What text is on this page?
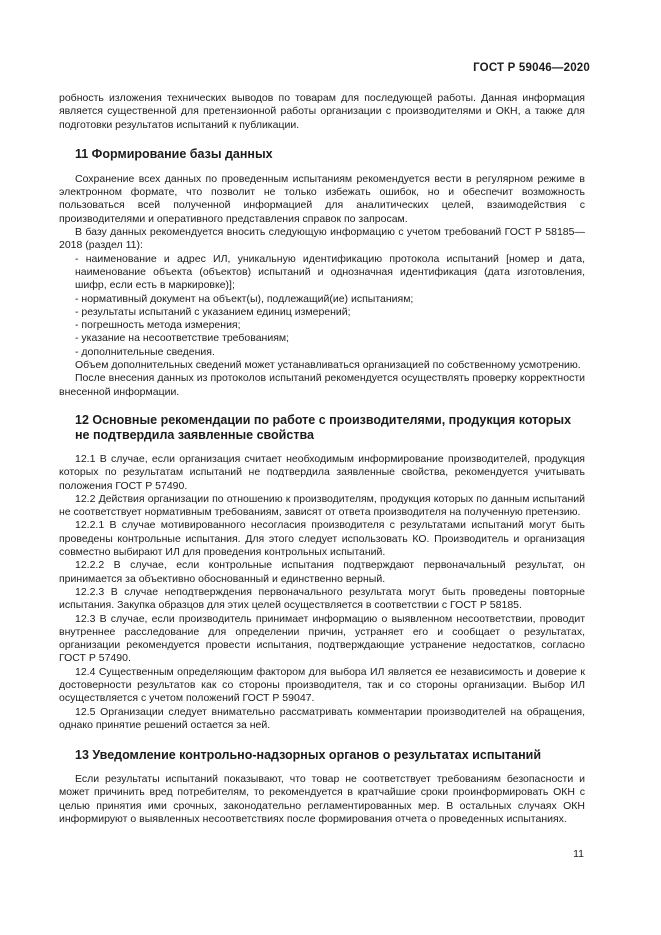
ГОСТ Р 59046—2020

робность изложения технических выводов по товарам для последующей работы. Данная информация является существенной для претензионной работы организации с производителями и ОКН, а также для подготовки результатов испытаний к публикации.

11 Формирование базы данных

Сохранение всех данных по проведенным испытаниям рекомендуется вести в регулярном режиме в электронном формате, что позволит не только избежать ошибок, но и обеспечит возможность пользоваться всей полученной информацией для аналитических целей, взаимодействия с производителями и оперативного представления справок по запросам.

В базу данных рекомендуется вносить следующую информацию с учетом требований ГОСТ Р 58185—2018 (раздел 11):

- наименование и адрес ИЛ, уникальную идентификацию протокола испытаний [номер и дата, наименование объекта (объектов) испытаний и однозначная идентификация (дата изготовления, шифр, если есть в маркировке)];

- нормативный документ на объект(ы), подлежащий(ие) испытаниям;

- результаты испытаний с указанием единиц измерений;

- погрешность метода измерения;

- указание на несоответствие требованиям;

- дополнительные сведения.

Объем дополнительных сведений может устанавливаться организацией по собственному усмотрению.

После внесения данных из протоколов испытаний рекомендуется осуществлять проверку корректности внесенной информации.

12 Основные рекомендации по работе с производителями, продукция которых не подтвердила заявленные свойства

12.1 В случае, если организация считает необходимым информирование производителей, продукция которых по результатам испытаний не подтвердила заявленные свойства, рекомендуется учитывать положения ГОСТ Р 57490.

12.2 Действия организации по отношению к производителям, продукция которых по данным испытаний не соответствует нормативным требованиям, зависят от ответа производителя на полученную претензию.

12.2.1 В случае мотивированного несогласия производителя с результатами испытаний могут быть проведены контрольные испытания. Для этого следует использовать КО. Производитель и организация совместно выбирают ИЛ для проведения контрольных испытаний.

12.2.2 В случае, если контрольные испытания подтверждают первоначальный результат, он принимается за объективно обоснованный и единственно верный.

12.2.3 В случае неподтверждения первоначального результата могут быть проведены повторные испытания. Закупка образцов для этих целей осуществляется в соответствии с ГОСТ Р 58185.

12.3 В случае, если производитель принимает информацию о выявленном несоответствии, проводит внутреннее расследование для определении причин, устраняет его и сообщает о результатах, организации рекомендуется провести испытания, подтверждающие устранение недостатков, согласно ГОСТ Р 57490.

12.4 Существенным определяющим фактором для выбора ИЛ является ее независимость и доверие к достоверности результатов как со стороны производителя, так и со стороны организации. Выбор ИЛ осуществляется с учетом положений ГОСТ Р 59047.

12.5 Организации следует внимательно рассматривать комментарии производителей на обращения, однако принятие решений остается за ней.

13 Уведомление контрольно-надзорных органов о результатах испытаний

Если результаты испытаний показывают, что товар не соответствует требованиям безопасности и может причинить вред потребителям, то рекомендуется в кратчайшие сроки проинформировать ОКН с целью принятия ими срочных, законодательно регламентированных мер. В остальных случаях ОКН информируют о выявленных несоответствиях после формирования отчета о проведенных испытаниях.

11
